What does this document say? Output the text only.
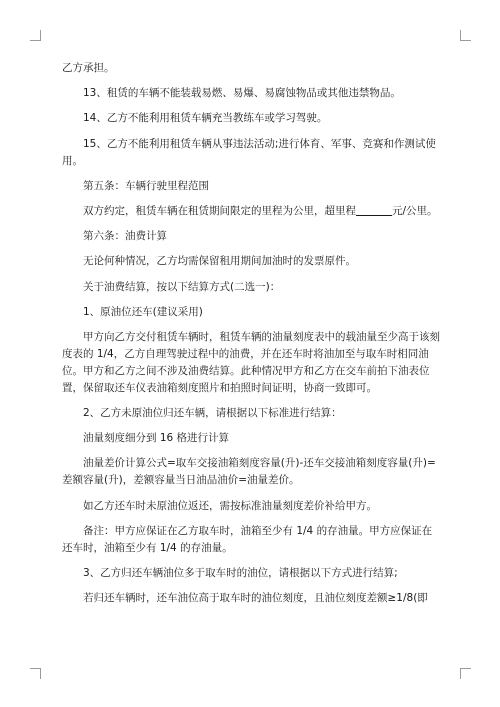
乙方承担。

13、租赁的车辆不能装载易燃、易爆、易腐蚀物品或其他违禁物品。

14、乙方不能利用租赁车辆充当教练车或学习驾驶。

15、乙方不能利用租赁车辆从事违法活动;进行体育、军事、竞赛和作测试使用。

第五条：车辆行驶里程范围

双方约定，租赁车辆在租赁期间限定的里程为公里，超里程	元/公里。

第六条：油费计算

无论何种情况，乙方均需保留租用期间加油时的发票原件。

关于油费结算，按以下结算方式(二选一)：

1、原油位还车(建议采用)

甲方向乙方交付租赁车辆时，租赁车辆的油量刻度表中的载油量至少高于该刻度表的 1/4，乙方自理驾驶过程中的油费，并在还车时将油加至与取车时相同油位。甲方和乙方之间不涉及油费结算。此种情况甲方和乙方在交车前拍下油表位置，保留取还车仪表油箱刻度照片和拍照时间证明，协商一致即可。

2、乙方未原油位归还车辆，请根据以下标准进行结算：

油量刻度细分到 16 格进行计算

油量差价计算公式=取车交接油箱刻度容量(升)-还车交接油箱刻度容量(升)=差额容量(升)，差额容量当日油品油价=油量差价。

如乙方还车时未原油位返还，需按标准油量刻度差价补给甲方。

备注：甲方应保证在乙方取车时，油箱至少有 1/4 的存油量。甲方应保证在还车时，油箱至少有 1/4 的存油量。

3、乙方归还车辆油位多于取车时的油位，请根据以下方式进行结算;

若归还车辆时，还车油位高于取车时的油位刻度，且油位刻度差额≥1/8(即
